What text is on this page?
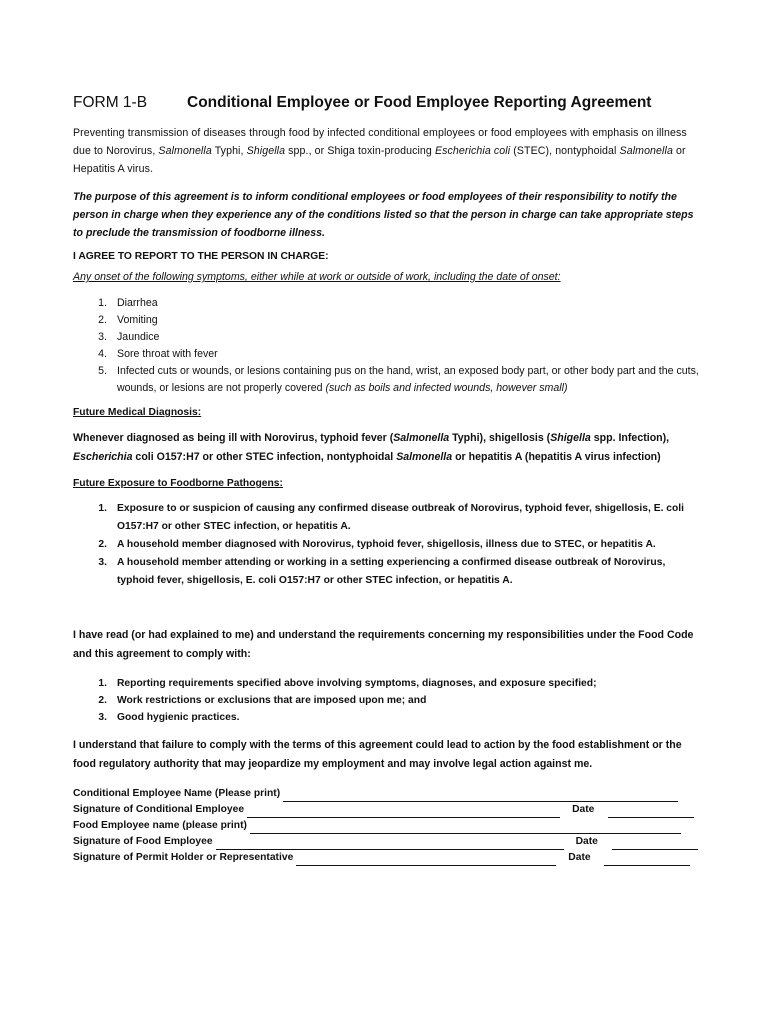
FORM 1-B	Conditional Employee or Food Employee Reporting Agreement

Preventing transmission of diseases through food by infected conditional employees or food employees with emphasis on illness due to Norovirus, Salmonella Typhi, Shigella spp., or Shiga toxin-producing Escherichia coli (STEC), nontyphoidal Salmonella or Hepatitis A virus.

The purpose of this agreement is to inform conditional employees or food employees of their responsibility to notify the person in charge when they experience any of the conditions listed so that the person in charge can take appropriate steps to preclude the transmission of foodborne illness.

I AGREE TO REPORT TO THE PERSON IN CHARGE:

Any onset of the following symptoms, either while at work or outside of work, including the date of onset:

1. Diarrhea
2. Vomiting
3. Jaundice
4. Sore throat with fever
5. Infected cuts or wounds, or lesions containing pus on the hand, wrist, an exposed body part, or other body part and the cuts, wounds, or lesions are not properly covered (such as boils and infected wounds, however small)

Future Medical Diagnosis:

Whenever diagnosed as being ill with Norovirus, typhoid fever (Salmonella Typhi), shigellosis (Shigella spp. Infection), Escherichia coli O157:H7 or other STEC infection, nontyphoidal Salmonella or hepatitis A (hepatitis A virus infection)

Future Exposure to Foodborne Pathogens:

1. Exposure to or suspicion of causing any confirmed disease outbreak of Norovirus, typhoid fever, shigellosis, E. coli O157:H7 or other STEC infection, or hepatitis A.
2. A household member diagnosed with Norovirus, typhoid fever, shigellosis, illness due to STEC, or hepatitis A.
3. A household member attending or working in a setting experiencing a confirmed disease outbreak of Norovirus, typhoid fever, shigellosis, E. coli O157:H7 or other STEC infection, or hepatitis A.

I have read (or had explained to me) and understand the requirements concerning my responsibilities under the Food Code and this agreement to comply with:

1. Reporting requirements specified above involving symptoms, diagnoses, and exposure specified;
2. Work restrictions or exclusions that are imposed upon me; and
3. Good hygienic practices.

I understand that failure to comply with the terms of this agreement could lead to action by the food establishment or the food regulatory authority that may jeopardize my employment and may involve legal action against me.

Conditional Employee Name (Please print)
Signature of Conditional Employee	Date
Food Employee name (please print)
Signature of Food Employee	Date
Signature of Permit Holder or Representative	Date
